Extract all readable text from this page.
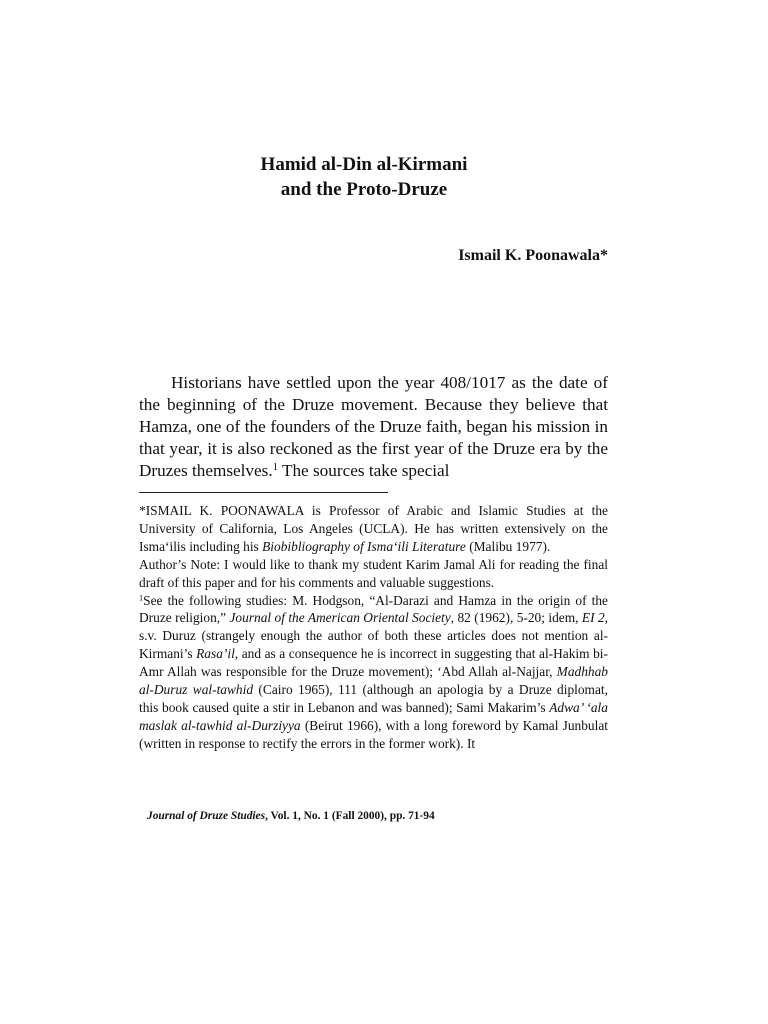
Hamid al-Din al-Kirmani
and the Proto-Druze
Ismail K. Poonawala*

Historians have settled upon the year 408/1017 as the date of the beginning of the Druze movement. Because they believe that Hamza, one of the founders of the Druze faith, began his mission in that year, it is also reckoned as the first year of the Druze era by the Druzes themselves.$^1$ The sources take special

*ISMAIL K. POONAWALA is Professor of Arabic and Islamic Studies at the University of California, Los Angeles (UCLA). He has written extensively on the Isma‘ilis including his Biobibliography of Isma‘ili Literature (Malibu 1977).

Author’s Note: I would like to thank my student Karim Jamal Ali for reading the final draft of this paper and for his comments and valuable suggestions.

$^1$See the following studies: M. Hodgson, “Al-Darazi and Hamza in the origin of the Druze religion,” Journal of the American Oriental Society, 82 (1962), 5-20; idem, EI 2, s.v. Duruz (strangely enough the author of both these articles does not mention al-Kirmani’s Rasa’il, and as a consequence he is incorrect in suggesting that al-Hakim bi-Amr Allah was responsible for the Druze movement); ‘Abd Allah al-Najjar, Madhhab al-Duruz wal-tawhid (Cairo 1965), 111 (although an apologia by a Druze diplomat, this book caused quite a stir in Lebanon and was banned); Sami Makarim’s Adwa’ ‘ala maslak al-tawhid al-Durziyya (Beirut 1966), with a long foreword by Kamal Junbulat (written in response to rectify the errors in the former work). It

Journal of Druze Studies, Vol. 1, No. 1 (Fall 2000), pp. 71-94
